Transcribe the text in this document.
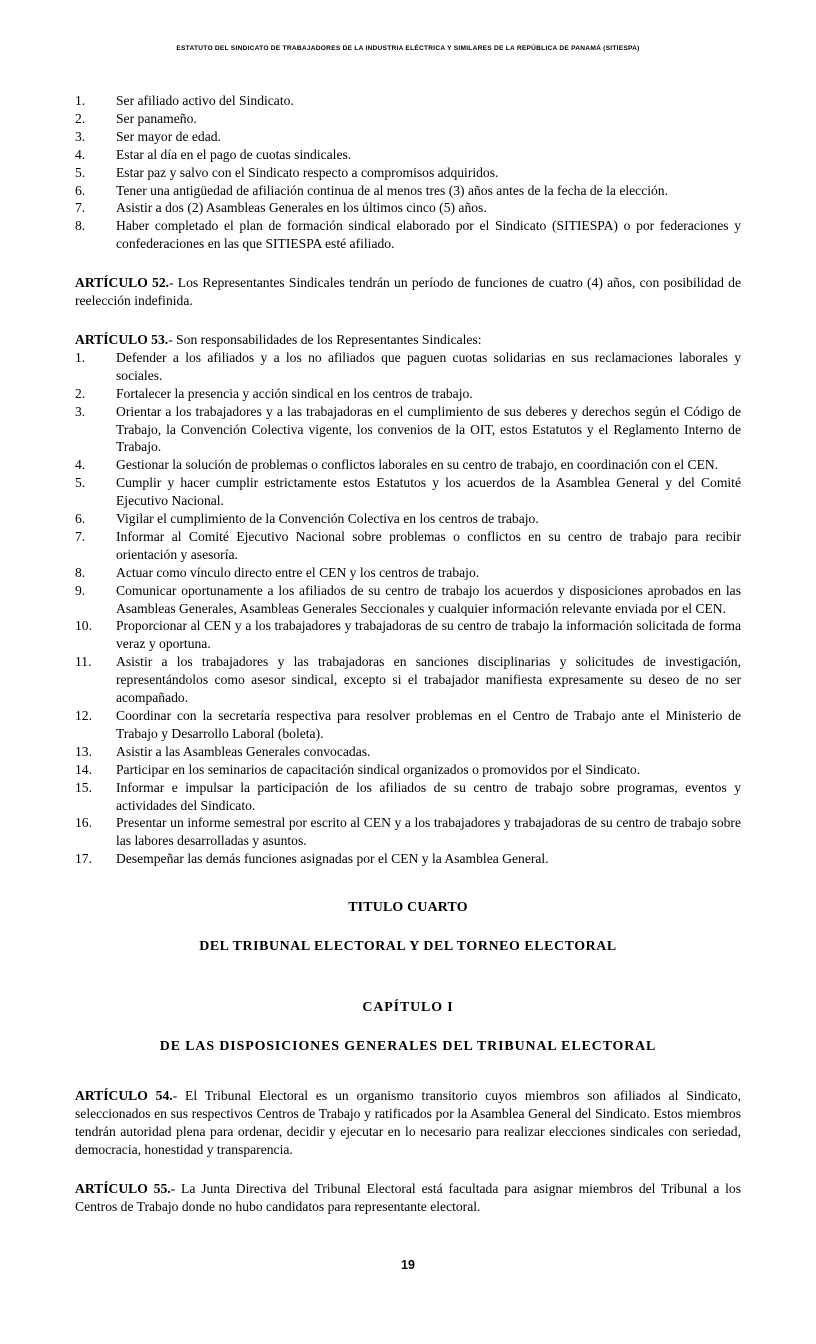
ESTATUTO DEL SINDICATO DE TRABAJADORES DE LA INDUSTRIA ELÉCTRICA Y SIMILARES DE LA REPÚBLICA DE PANAMÁ (SITIESPA)
1.	Ser afiliado activo del Sindicato.
2.	Ser panameño.
3.	Ser mayor de edad.
4.	Estar al día en el pago de cuotas sindicales.
5.	Estar paz y salvo con el Sindicato respecto a compromisos adquiridos.
6.	Tener una antigüedad de afiliación continua de al menos tres (3) años antes de la fecha de la elección.
7.	Asistir a dos (2) Asambleas Generales en los últimos cinco (5) años.
8.	Haber completado el plan de formación sindical elaborado por el Sindicato (SITIESPA) o por federaciones y confederaciones en las que SITIESPA esté afiliado.

ARTÍCULO 52.- Los Representantes Sindicales tendrán un período de funciones de cuatro (4) años, con posibilidad de reelección indefinida.

ARTÍCULO 53.- Son responsabilidades de los Representantes Sindicales:

1.	Defender a los afiliados y a los no afiliados que paguen cuotas solidarias en sus reclamaciones laborales y sociales.
2.	Fortalecer la presencia y acción sindical en los centros de trabajo.
3.	Orientar a los trabajadores y a las trabajadoras en el cumplimiento de sus deberes y derechos según el Código de Trabajo, la Convención Colectiva vigente, los convenios de la OIT, estos Estatutos y el Reglamento Interno de Trabajo.
4.	Gestionar la solución de problemas o conflictos laborales en su centro de trabajo, en coordinación con el CEN.
5.	Cumplir y hacer cumplir estrictamente estos Estatutos y los acuerdos de la Asamblea General y del Comité Ejecutivo Nacional.
6.	Vigilar el cumplimiento de la Convención Colectiva en los centros de trabajo.
7.	Informar al Comité Ejecutivo Nacional sobre problemas o conflictos en su centro de trabajo para recibir orientación y asesoría.
8.	Actuar como vínculo directo entre el CEN y los centros de trabajo.
9.	Comunicar oportunamente a los afiliados de su centro de trabajo los acuerdos y disposiciones aprobados en las Asambleas Generales, Asambleas Generales Seccionales y cualquier información relevante enviada por el CEN.
10.	Proporcionar al CEN y a los trabajadores y trabajadoras de su centro de trabajo la información solicitada de forma veraz y oportuna.
11.	Asistir a los trabajadores y las trabajadoras en sanciones disciplinarias y solicitudes de investigación, representándolos como asesor sindical, excepto si el trabajador manifiesta expresamente su deseo de no ser acompañado.
12.	Coordinar con la secretaría respectiva para resolver problemas en el Centro de Trabajo ante el Ministerio de Trabajo y Desarrollo Laboral (boleta).
13.	Asistir a las Asambleas Generales convocadas.
14.	Participar en los seminarios de capacitación sindical organizados o promovidos por el Sindicato.
15.	Informar e impulsar la participación de los afiliados de su centro de trabajo sobre programas, eventos y actividades del Sindicato.
16.	Presentar un informe semestral por escrito al CEN y a los trabajadores y trabajadoras de su centro de trabajo sobre las labores desarrolladas y asuntos.
17.	Desempeñar las demás funciones asignadas por el CEN y la Asamblea General.
TITULO CUARTO
DEL TRIBUNAL ELECTORAL Y DEL TORNEO ELECTORAL
CAPÍTULO I
DE LAS DISPOSICIONES GENERALES DEL TRIBUNAL ELECTORAL

ARTÍCULO 54.- El Tribunal Electoral es un organismo transitorio cuyos miembros son afiliados al Sindicato, seleccionados en sus respectivos Centros de Trabajo y ratificados por la Asamblea General del Sindicato. Estos miembros tendrán autoridad plena para ordenar, decidir y ejecutar en lo necesario para realizar elecciones sindicales con seriedad, democracia, honestidad y transparencia.

ARTÍCULO 55.- La Junta Directiva del Tribunal Electoral está facultada para asignar miembros del Tribunal a los Centros de Trabajo donde no hubo candidatos para representante electoral.

19
